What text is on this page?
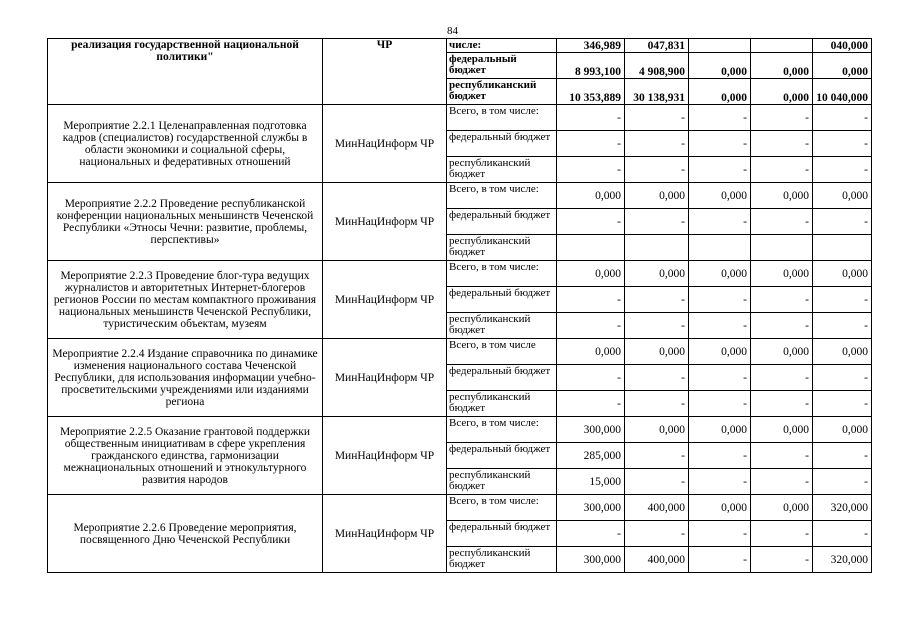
84
реализация государственной национальной политики"	ЧР	числе:	346,989	047,831			040,000
		федеральный бюджет	8 993,100	4 908,900	0,000	0,000	0,000
		республиканский бюджет	10 353,889	30 138,931	0,000	0,000	10 040,000
Мероприятие 2.2.1 Целенаправленная подготовка кадров (специалистов) государственной службы в области экономики и социальной сферы, национальных и федеративных отношений	МинНацИнформ ЧР	Всего, в том числе:	-	-	-	-	-
		федеральный бюджет	-	-	-	-	-
		республиканский бюджет	-	-	-	-	-
Мероприятие 2.2.2 Проведение республиканской конференции национальных меньшинств Чеченской Республики «Этносы Чечни: развитие, проблемы, перспективы»	МинНацИнформ ЧР	Всего, в том числе:	0,000	0,000	0,000	0,000	0,000
		федеральный бюджет	-	-	-	-	-
		республиканский бюджет					
Мероприятие 2.2.3 Проведение блог-тура ведущих журналистов и авторитетных Интернет-блогеров регионов России по местам компактного проживания национальных меньшинств Чеченской Республики, туристическим объектам, музеям	МинНацИнформ ЧР	Всего, в том числе:	0,000	0,000	0,000	0,000	0,000
		федеральный бюджет	-	-	-	-	-
		республиканский бюджет	-	-	-	-	-
Мероприятие 2.2.4 Издание справочника по динамике изменения национального состава Чеченской Республики, для использования информации учебно-просветительскими учреждениями или изданиями региона	МинНацИнформ ЧР	Всего, в том числе	0,000	0,000	0,000	0,000	0,000
		федеральный бюджет	-	-	-	-	-
		республиканский бюджет	-	-	-	-	-
Мероприятие 2.2.5 Оказание грантовой поддержки общественным инициативам в сфере укрепления гражданского единства, гармонизации межнациональных отношений и этнокультурного развития народов	МинНацИнформ ЧР	Всего, в том числе:	300,000	0,000	0,000	0,000	0,000
		федеральный бюджет	285,000	-	-	-	-
		республиканский бюджет	15,000	-	-	-	-
Мероприятие 2.2.6 Проведение мероприятия, посвященного Дню Чеченской Республики	МинНацИнформ ЧР	Всего, в том числе:	300,000	400,000	0,000	0,000	320,000
		федеральный бюджет	-	-	-	-	-
		республиканский бюджет	300,000	400,000	-	-	320,000
